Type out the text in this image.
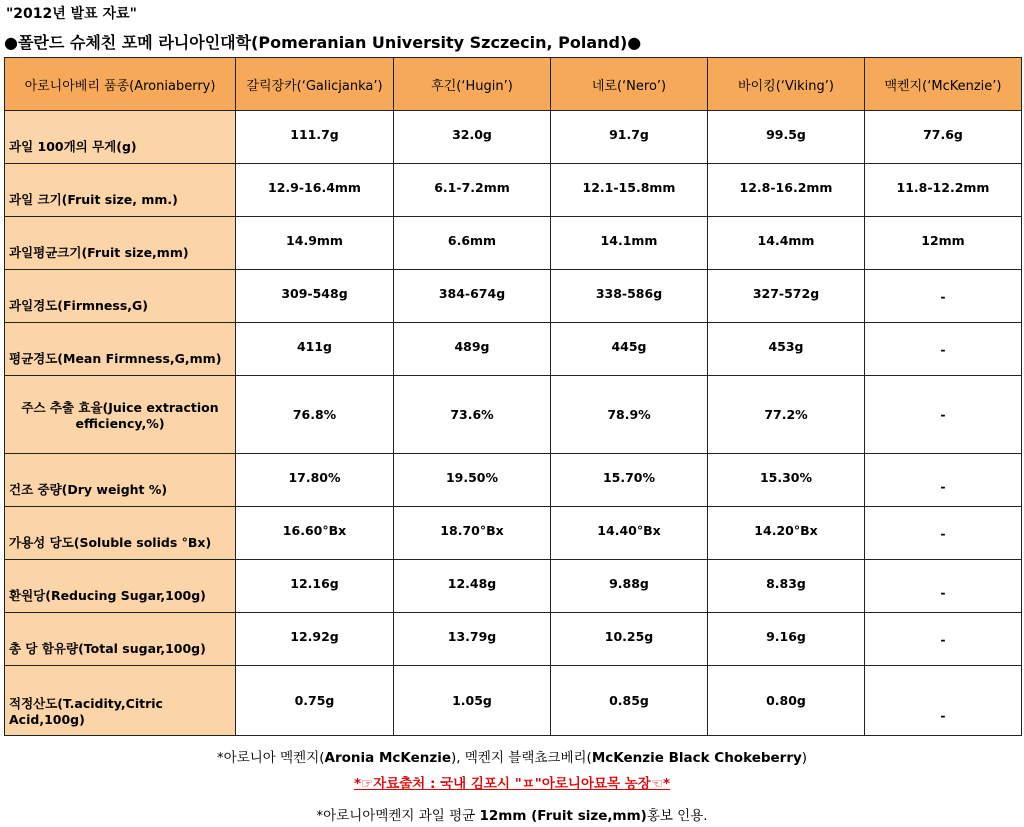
"2012년 발표 자료"
●폴란드 슈체친 포메 라니아인대학(Pomeranian University Szczecin, Poland)●
아로니아베리 품종(Aroniaberry)	갈릭장카(‘Galicjanka’)	후긴(‘Hugin’)	네로(‘Nero’)	바이킹(‘Viking’)	맥켄지(‘McKenzie’)
과일 100개의 무게(g)	111.7g	32.0g	91.7g	99.5g	77.6g
과일 크기(Fruit size, mm.)	12.9-16.4mm	6.1-7.2mm	12.1-15.8mm	12.8-16.2mm	11.8-12.2mm
과일평균크기(Fruit size,mm)	14.9mm	6.6mm	14.1mm	14.4mm	12mm
과일경도(Firmness,G)	309-548g	384-674g	338-586g	327-572g	-
평균경도(Mean Firmness,G,mm)	411g	489g	445g	453g	-
주스 추출 효율(Juice extraction efficiency,%)	76.8%	73.6%	78.9%	77.2%	-
건조 중량(Dry weight %)	17.80%	19.50%	15.70%	15.30%	-
가용성 당도(Soluble solids °Bx)	16.60°Bx	18.70°Bx	14.40°Bx	14.20°Bx	-
환원당(Reducing Sugar,100g)	12.16g	12.48g	9.88g	8.83g	-
총 당 함유량(Total sugar,100g)	12.92g	13.79g	10.25g	9.16g	-
적정산도(T.acidity,Citric Acid,100g)	0.75g	1.05g	0.85g	0.80g	-
*아로니아 멕켄지(Aronia McKenzie), 멕켄지 블랙쵸크베리(McKenzie Black Chokeberry)
*☞자료출처 : 국내 김포시 "ㅍ"아로니아묘목 농장☜*
*아로니아멕켄지 과일 평균 12mm (Fruit size,mm)홍보 인용.
